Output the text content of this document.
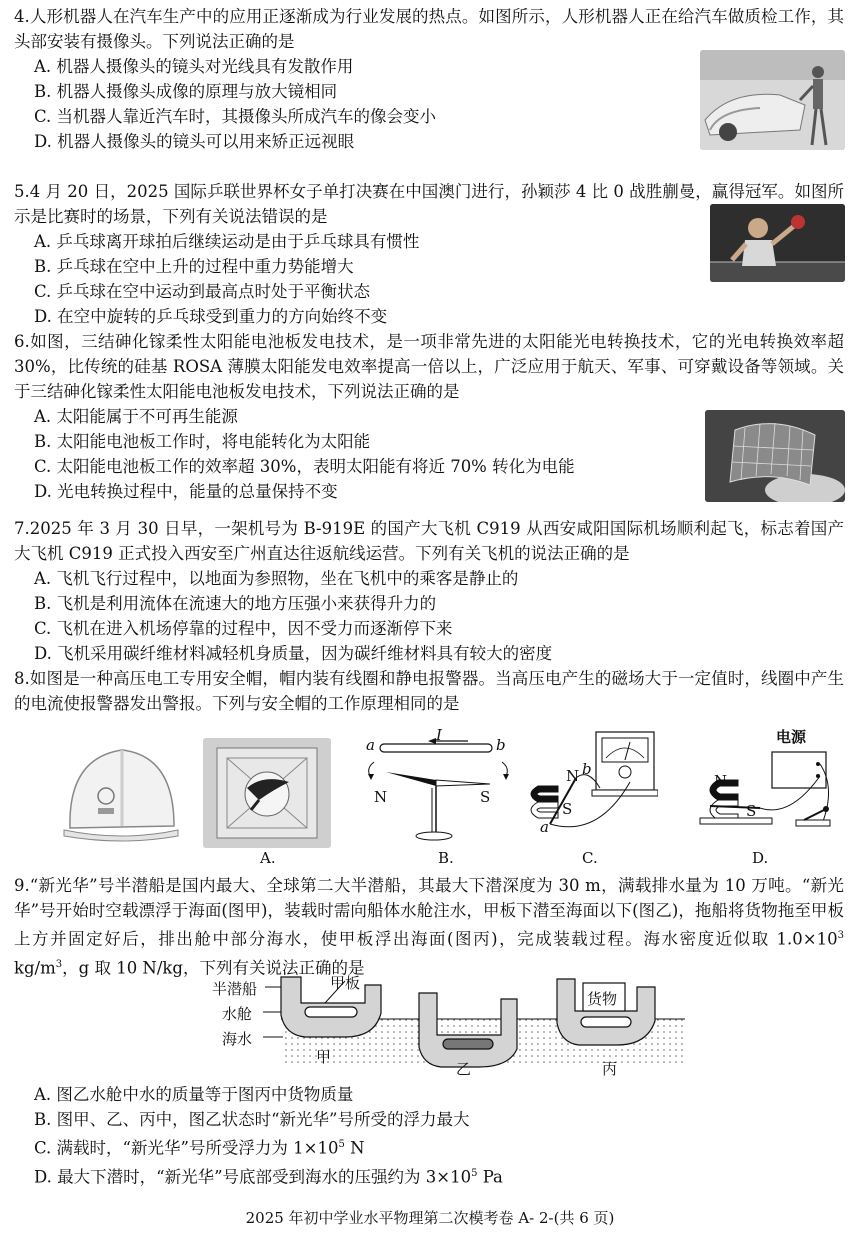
4.人形机器人在汽车生产中的应用正逐渐成为行业发展的热点。如图所示，人形机器人正在给汽车做质检工作，其头部安装有摄像头。下列说法正确的是

A. 机器人摄像头的镜头对光线具有发散作用

B. 机器人摄像头成像的原理与放大镜相同

C. 当机器人靠近汽车时，其摄像头所成汽车的像会变小

D. 机器人摄像头的镜头可以用来矫正远视眼

5.4 月 20 日，2025 国际乒联世界杯女子单打决赛在中国澳门进行，孙颖莎 4 比 0 战胜蒯曼，赢得冠军。如图所示是比赛时的场景，下列有关说法错误的是

A. 乒乓球离开球拍后继续运动是由于乒乓球具有惯性

B. 乒乓球在空中上升的过程中重力势能增大

C. 乒乓球在空中运动到最高点时处于平衡状态

D. 在空中旋转的乒乓球受到重力的方向始终不变

6.如图，三结砷化镓柔性太阳能电池板发电技术，是一项非常先进的太阳能光电转换技术，它的光电转换效率超 30%，比传统的硅基 ROSA 薄膜太阳能发电效率提高一倍以上，广泛应用于航天、军事、可穿戴设备等领域。关于三结砷化镓柔性太阳能电池板发电技术，下列说法正确的是

A. 太阳能属于不可再生能源

B. 太阳能电池板工作时，将电能转化为太阳能

C. 太阳能电池板工作的效率超 30%，表明太阳能有将近 70% 转化为电能

D. 光电转换过程中，能量的总量保持不变

7.2025 年 3 月 30 日早，一架机号为 B-919E 的国产大飞机 C919 从西安咸阳国际机场顺利起飞，标志着国产大飞机 C919 正式投入西安至广州直达往返航线运营。下列有关飞机的说法正确的是

A. 飞机飞行过程中，以地面为参照物，坐在飞机中的乘客是静止的

B. 飞机是利用流体在流速大的地方压强小来获得升力的

C. 飞机在进入机场停靠的过程中，因不受力而逐渐停下来

D. 飞机采用碳纤维材料减轻机身质量，因为碳纤维材料具有较大的密度

8.如图是一种高压电工专用安全帽，帽内装有线圈和静电报警器。当高压电产生的磁场大于一定值时，线圈中产生的电流使报警器发出警报。下列与安全帽的工作原理相同的是

A.
a	b
I
N	S
B.
N
S
a
b
C.
电源
N
S
D.

9.“新光华”号半潜船是国内最大、全球第二大半潜船，其最大下潜深度为 30 m，满载排水量为 10 万吨。“新光华”号开始时空载漂浮于海面(图甲)，装载时需向船体水舱注水，甲板下潜至海面以下(图乙)，拖船将货物拖至甲板上方并固定好后，排出舱中部分海水，使甲板浮出海面(图丙)，完成装载过程。海水密度近似取 $1.0\times 10^3$ $kg/m^3$，g 取 10 N/kg，下列有关说法正确的是

半潜船	甲板
水舱
海水
货物
甲
乙	丙

A. 图乙水舱中水的质量等于图丙中货物质量

B. 图甲、乙、丙中，图乙状态时“新光华”号所受的浮力最大

C. 满载时，“新光华”号所受浮力为 $1\times 10^5$ N

D. 最大下潜时，“新光华”号底部受到海水的压强约为 $3\times 10^5$ Pa

2025 年初中学业水平物理第二次模考卷 A- 2-(共 6 页)
